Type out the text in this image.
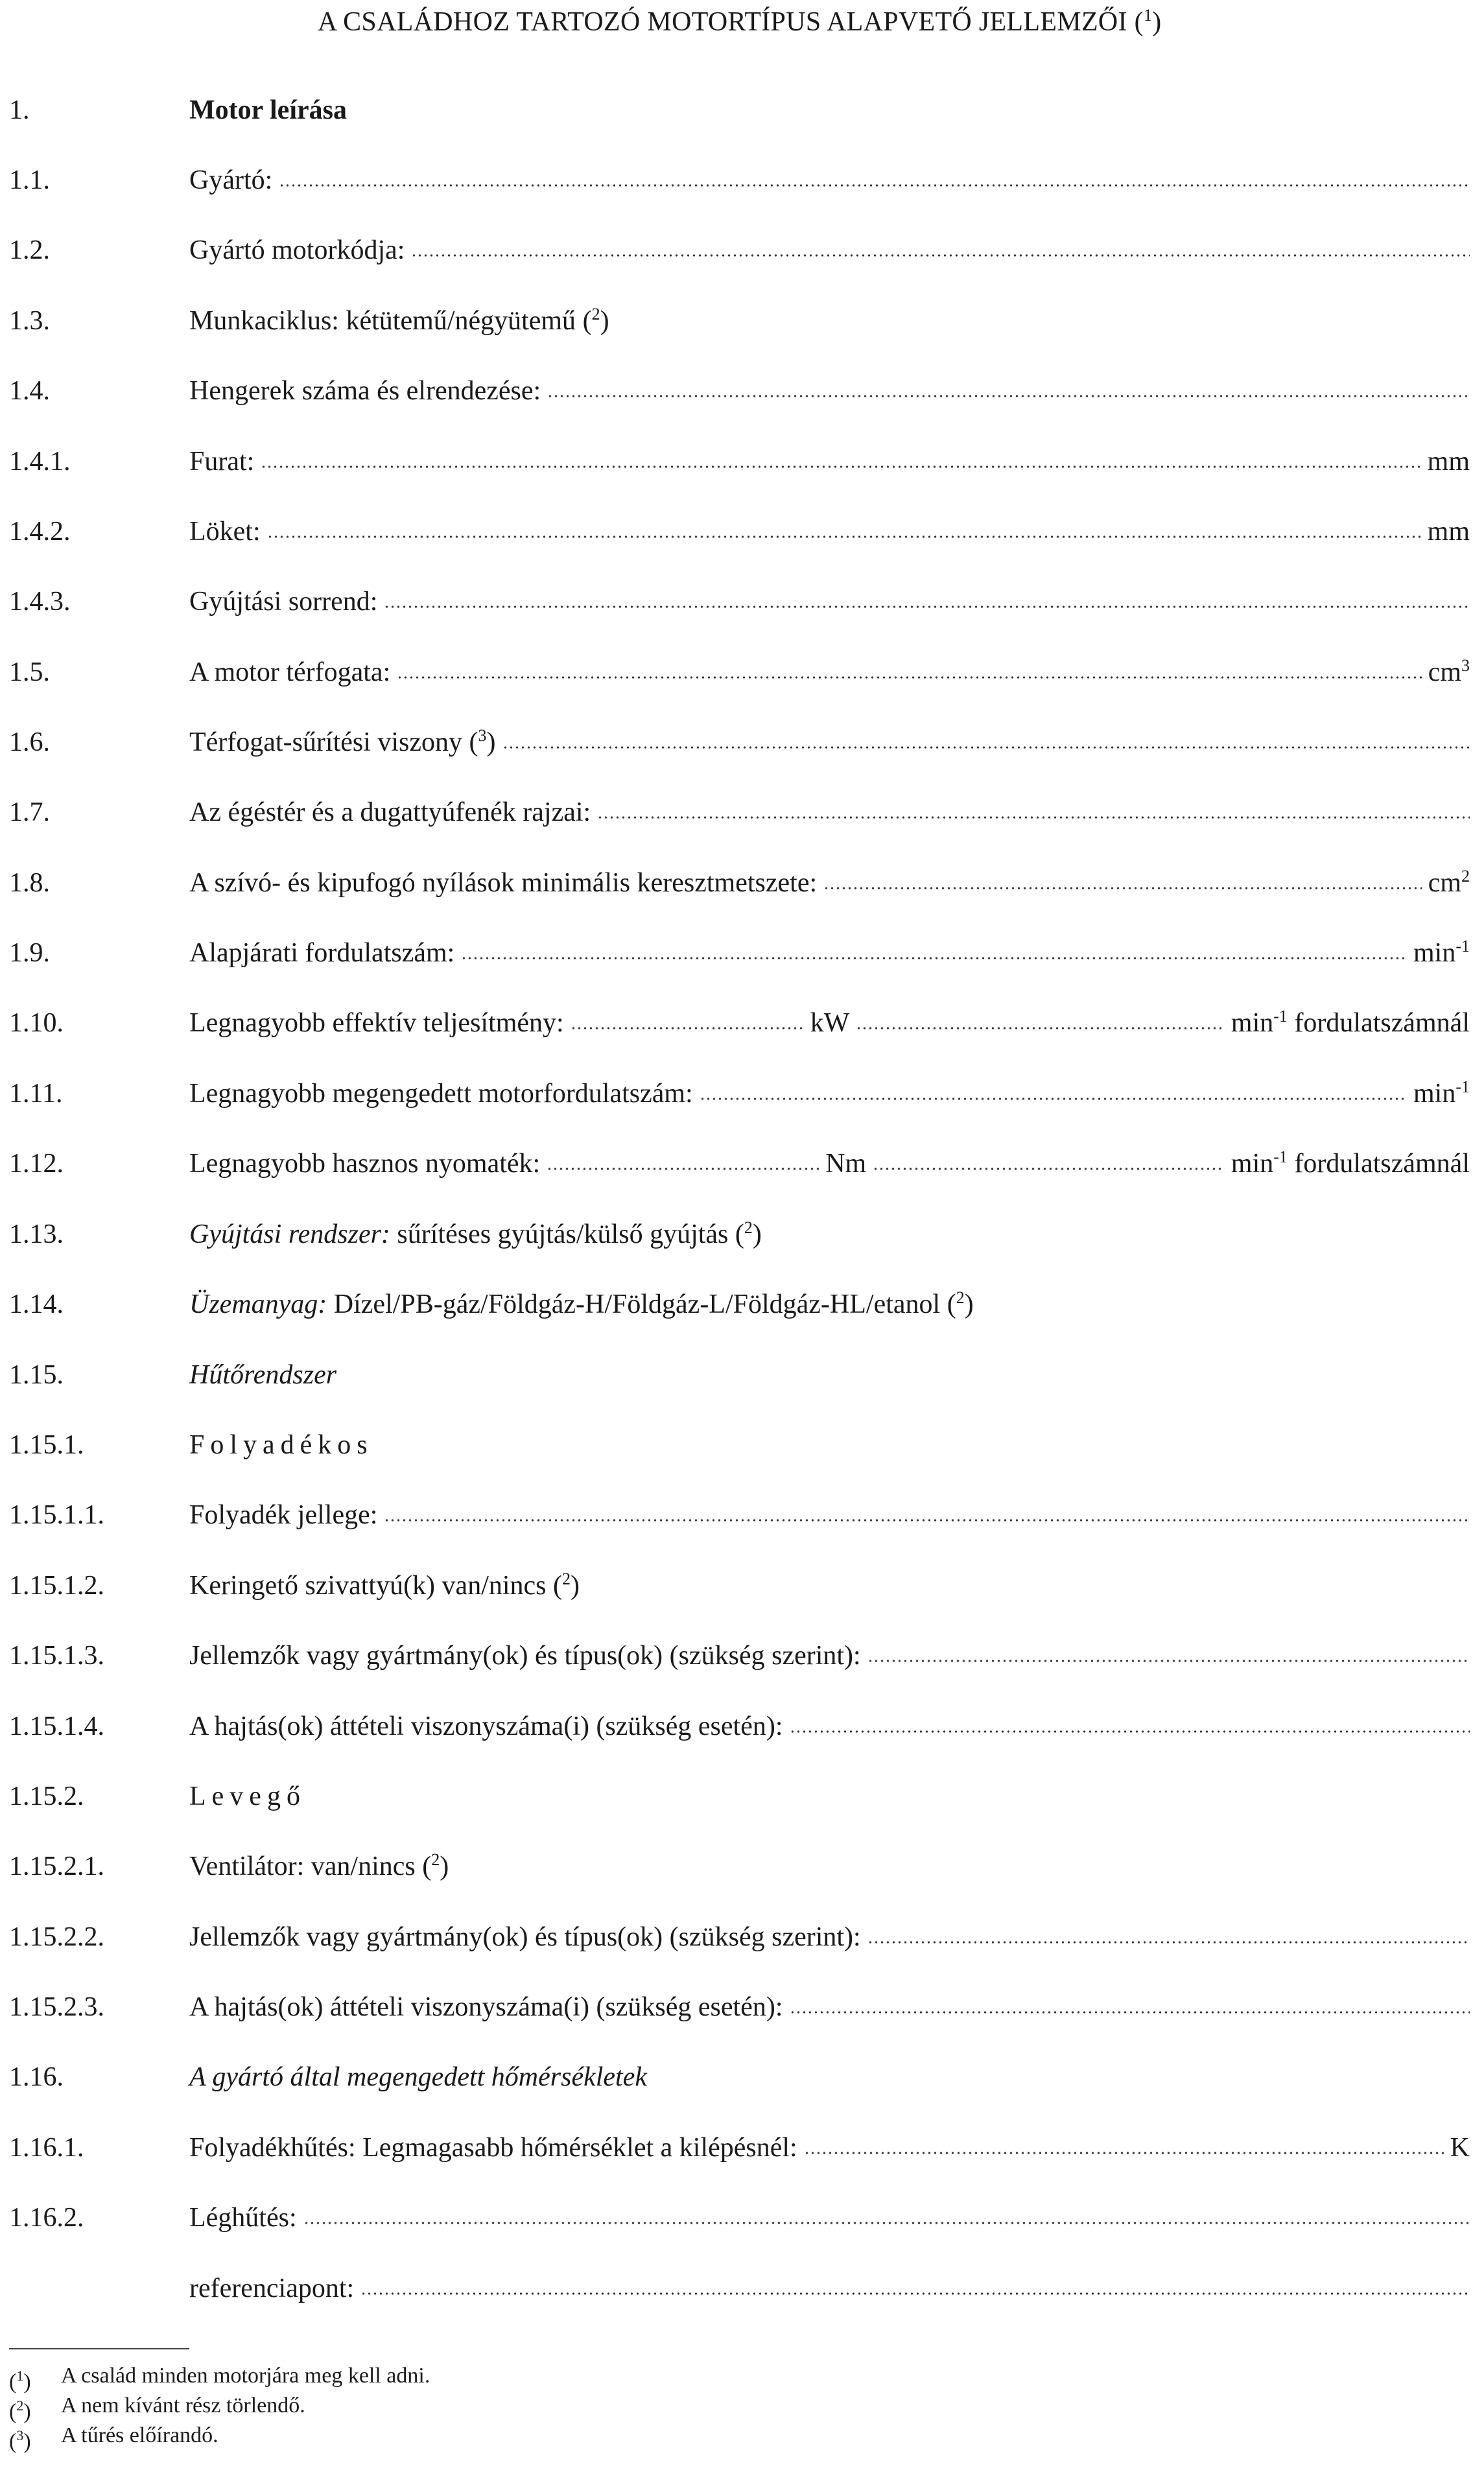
A CSALÁDHOZ TARTOZÓ MOTORTÍPUS ALAPVETŐ JELLEMZŐI ($^1$)
1.	Motor leírása
1.1.	Gyártó:
1.2.	Gyártó motorkódja:
1.3.	Munkaciklus: kétütemű/négyütemű ($^2$)
1.4.	Hengerek száma és elrendezése:
1.4.1.	Furat:	mm
1.4.2.	Löket:	mm
1.4.3.	Gyújtási sorrend:
1.5.	A motor térfogata:	$cm^3$
1.6.	Térfogat-sűrítési viszony ($^3$)
1.7.	Az égéstér és a dugattyúfenék rajzai:
1.8.	A szívó- és kipufogó nyílások minimális keresztmetszete:	$cm^2$
1.9.	Alapjárati fordulatszám:	$\min^{-1}$
1.10.	Legnagyobb effektív teljesítmény:	kW	$\min^{-1}$
fordulatszámnál
1.11.	Legnagyobb megengedett motorfordulatszám:	$\min^{-1}$
1.12.	Legnagyobb hasznos nyomaték:	Nm	$\min^{-1}$
fordulatszámnál
1.13.	Gyújtási rendszer:
sűrítéses gyújtás/külső gyújtás ($^2$)
1.14.	Üzemanyag:
Dízel/PB-gáz/Földgáz-H/Földgáz-L/Földgáz-HL/etanol ($^2$)
1.15.	Hűtőrendszer
1.15.1.	Folyadékos
1.15.1.1.	Folyadék jellege:
1.15.1.2.	Keringető szivattyú(k) van/nincs ($^2$)
1.15.1.3.	Jellemzők vagy gyártmány(ok) és típus(ok) (szükség szerint):
1.15.1.4.	A hajtás(ok) áttételi viszonyszáma(i) (szükség esetén):
1.15.2.	Levegő
1.15.2.1.	Ventilátor: van/nincs ($^2$)
1.15.2.2.	Jellemzők vagy gyártmány(ok) és típus(ok) (szükség szerint):
1.15.2.3.	A hajtás(ok) áttételi viszonyszáma(i) (szükség esetén):
1.16.	A gyártó által megengedett hőmérsékletek
1.16.1.	Folyadékhűtés: Legmagasabb hőmérséklet a kilépésnél:	K
1.16.2.	Léghűtés:
referenciapont:
($^1$) A család minden motorjára meg kell adni.
($^2$) A nem kívánt rész törlendő.
($^3$) A tűrés előírandó.
